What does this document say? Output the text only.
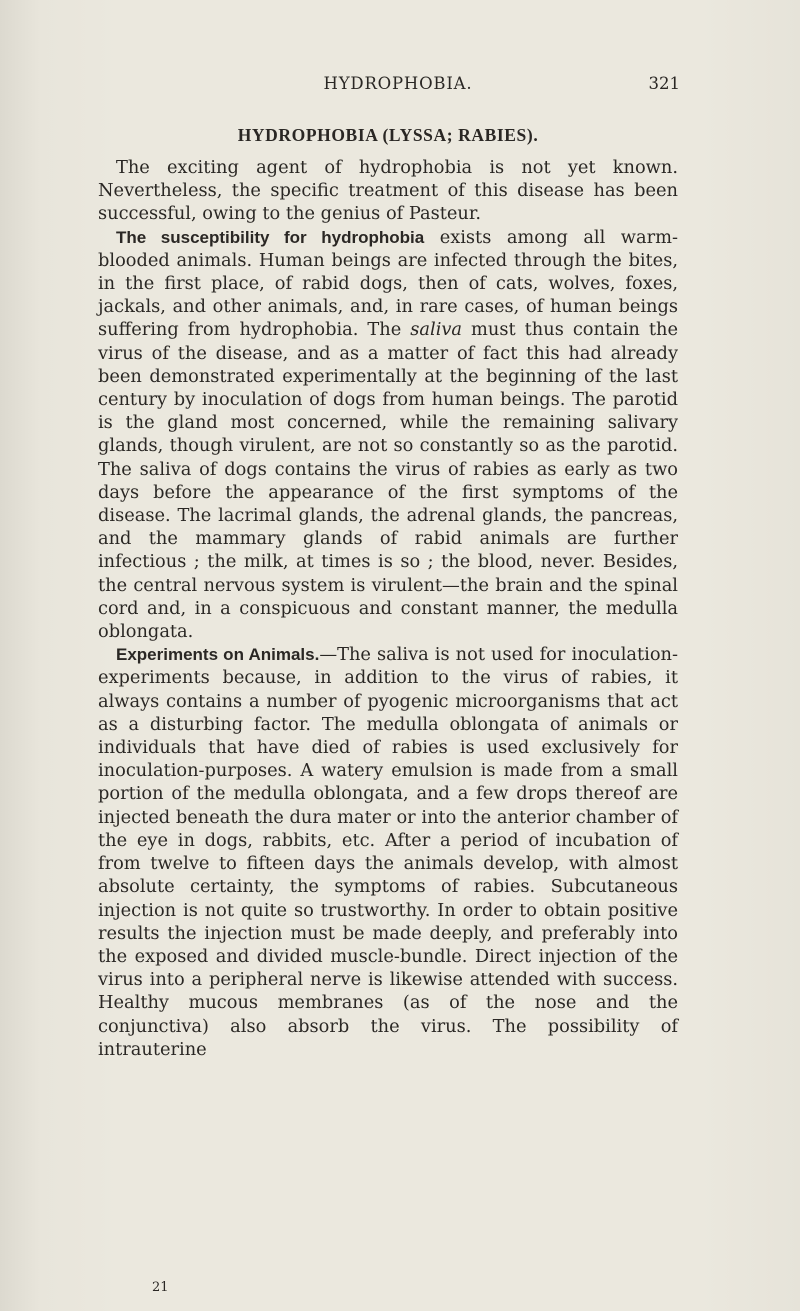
HYDROPHOBIA.	321
HYDROPHOBIA (LYSSA; RABIES).

The exciting agent of hydrophobia is not yet known. Nevertheless, the specific treatment of this disease has been successful, owing to the genius of Pasteur.

The susceptibility for hydrophobia exists among all warm-blooded animals. Human beings are infected through the bites, in the first place, of rabid dogs, then of cats, wolves, foxes, jackals, and other animals, and, in rare cases, of human beings suffering from hydrophobia. The saliva must thus contain the virus of the disease, and as a matter of fact this had already been demonstrated experimentally at the beginning of the last century by inoculation of dogs from human beings. The parotid is the gland most concerned, while the remaining salivary glands, though virulent, are not so constantly so as the parotid. The saliva of dogs contains the virus of rabies as early as two days before the appearance of the first symptoms of the disease. The lacrimal glands, the adrenal glands, the pancreas, and the mammary glands of rabid animals are further infectious ; the milk, at times is so ; the blood, never. Besides, the central nervous system is virulent—the brain and the spinal cord and, in a conspicuous and constant manner, the medulla oblongata.

Experiments on Animals.—The saliva is not used for inoculation-experiments because, in addition to the virus of rabies, it always contains a number of pyogenic microorganisms that act as a disturbing factor. The medulla oblongata of animals or individuals that have died of rabies is used exclusively for inoculation-purposes. A watery emulsion is made from a small portion of the medulla oblongata, and a few drops thereof are injected beneath the dura mater or into the anterior chamber of the eye in dogs, rabbits, etc. After a period of incubation of from twelve to fifteen days the animals develop, with almost absolute certainty, the symptoms of rabies. Subcutaneous injection is not quite so trustworthy. In order to obtain positive results the injection must be made deeply, and preferably into the exposed and divided muscle-bundle. Direct injection of the virus into a peripheral nerve is likewise attended with success. Healthy mucous membranes (as of the nose and the conjunctiva) also absorb the virus. The possibility of intrauterine

21
